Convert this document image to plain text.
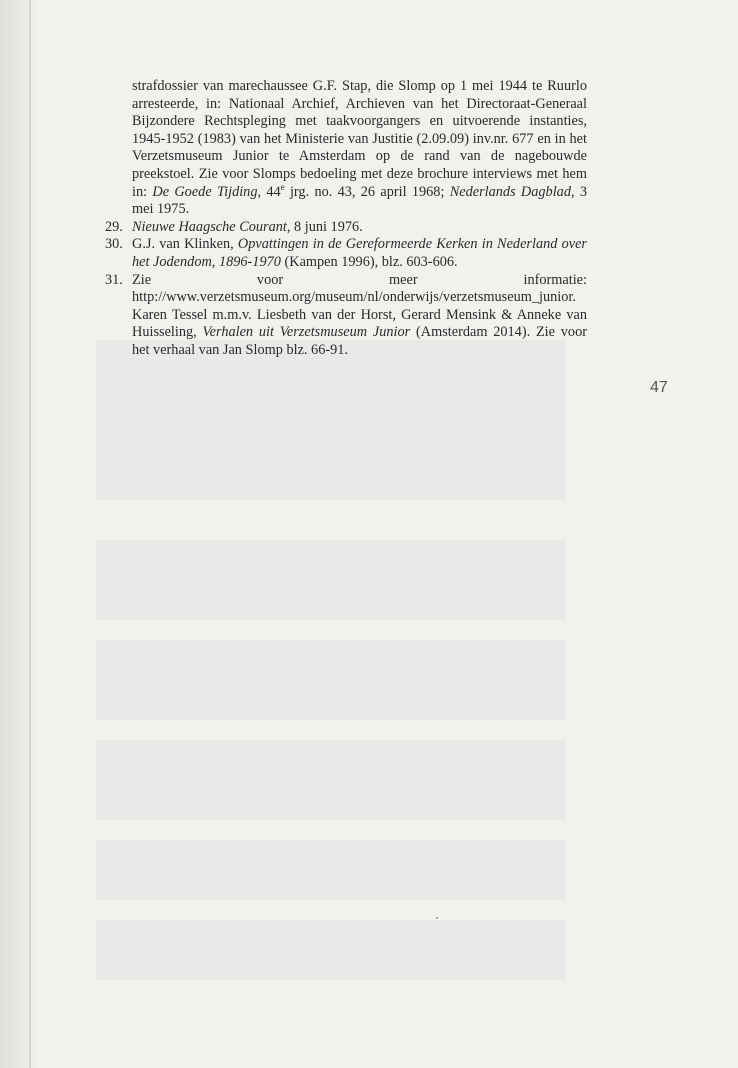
strafdossier van marechaussee G.F. Stap, die Slomp op 1 mei 1944 te Ruurlo arresteerde, in: Nationaal Archief, Archieven van het Directoraat-Generaal Bijzondere Rechtspleging met taakvoorgangers en uitvoerende instanties, 1945-1952 (1983) van het Ministerie van Justitie (2.09.09) inv.nr. 677 en in het Verzetsmuseum Junior te Amsterdam op de rand van de nagebouwde preekstoel. Zie voor Slomps bedoeling met deze brochure interviews met hem in: De Goede Tijding, 44e jrg. no. 43, 26 april 1968; Nederlands Dagblad, 3 mei 1975.
29. Nieuwe Haagsche Courant, 8 juni 1976.
30. G.J. van Klinken, Opvattingen in de Gereformeerde Kerken in Nederland over het Jodendom, 1896-1970 (Kampen 1996), blz. 603-606.
31. Zie voor meer informatie: http://www.verzetsmuseum.org/museum/nl/onderwijs/verzetsmuseum_junior. Karen Tessel m.m.v. Liesbeth van der Horst, Gerard Mensink & Anneke van Huisseling, Verhalen uit Verzetsmuseum Junior (Amsterdam 2014). Zie voor het verhaal van Jan Slomp blz. 66-91.
47
